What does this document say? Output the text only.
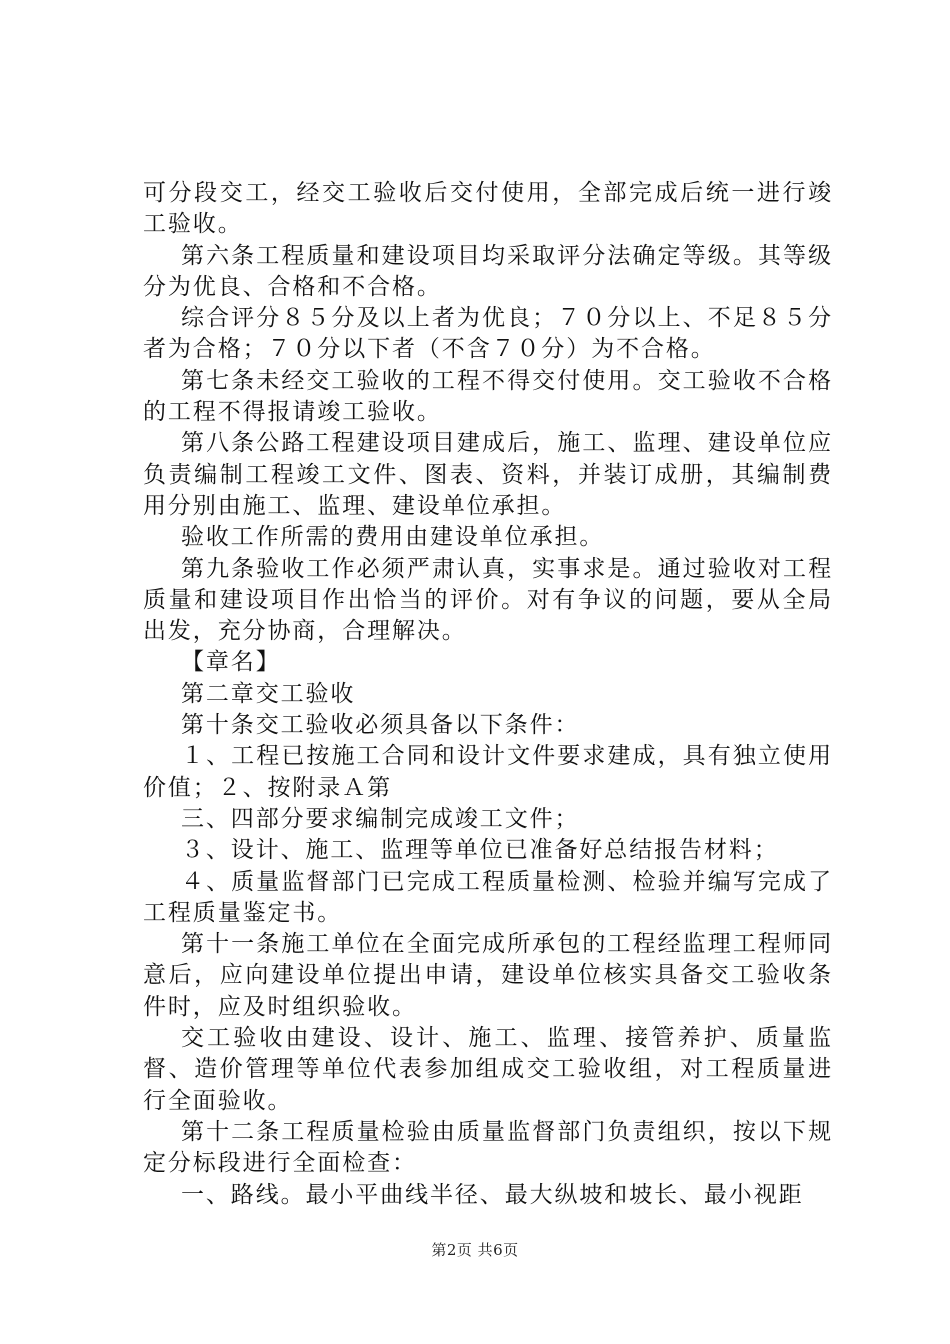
可分段交工，经交工验收后交付使用，全部完成后统一进行竣工验收。

第六条工程质量和建设项目均采取评分法确定等级。其等级分为优良、合格和不合格。

综合评分８５分及以上者为优良；７０分以上、不足８５分者为合格；７０分以下者（不含７０分）为不合格。

第七条未经交工验收的工程不得交付使用。交工验收不合格的工程不得报请竣工验收。

第八条公路工程建设项目建成后，施工、监理、建设单位应负责编制工程竣工文件、图表、资料，并装订成册，其编制费用分别由施工、监理、建设单位承担。

验收工作所需的费用由建设单位承担。

第九条验收工作必须严肃认真，实事求是。通过验收对工程质量和建设项目作出恰当的评价。对有争议的问题，要从全局出发，充分协商，合理解决。

【章名】

第二章交工验收

第十条交工验收必须具备以下条件：

１、工程已按施工合同和设计文件要求建成，具有独立使用价值；２、按附录Ａ第

三、四部分要求编制完成竣工文件；

３、设计、施工、监理等单位已准备好总结报告材料；

４、质量监督部门已完成工程质量检测、检验并编写完成了工程质量鉴定书。

第十一条施工单位在全面完成所承包的工程经监理工程师同意后，应向建设单位提出申请，建设单位核实具备交工验收条件时，应及时组织验收。

交工验收由建设、设计、施工、监理、接管养护、质量监督、造价管理等单位代表参加组成交工验收组，对工程质量进行全面验收。

第十二条工程质量检验由质量监督部门负责组织，按以下规定分标段进行全面检查：

一、路线。最小平曲线半径、最大纵坡和坡长、最小视距

第2页 共6页
